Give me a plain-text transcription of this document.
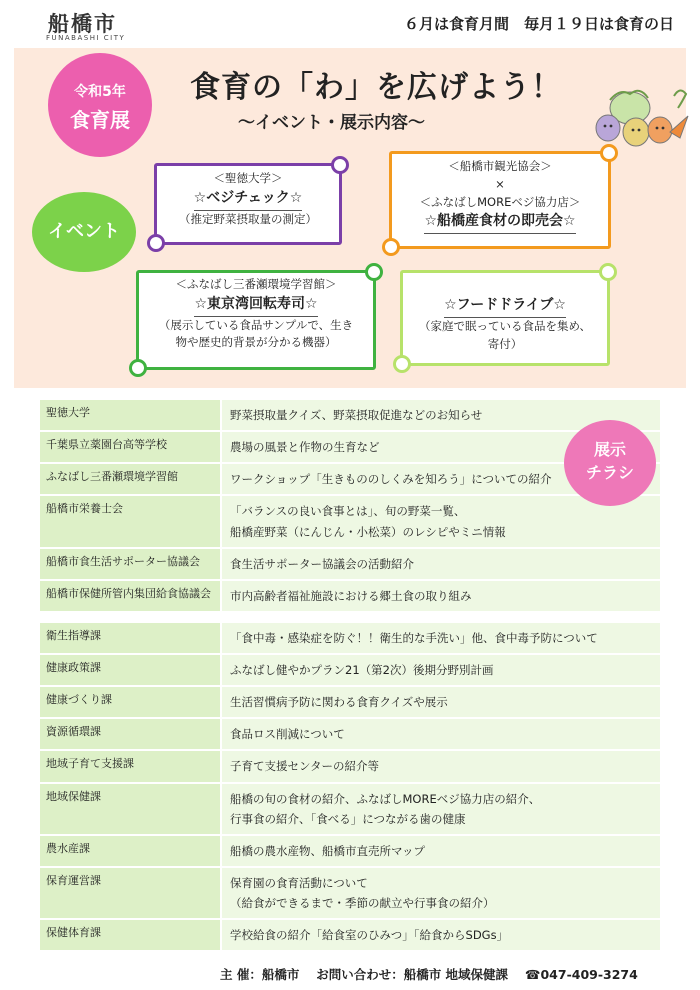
船橋市
FUNABASHI CITY
６月は食育月間　毎月１９日は食育の日
令和5年
食育展
食育の「わ」を広げよう！
～イベント・展示内容～
イベント
＜聖徳大学＞
☆ベジチェック☆
（推定野菜摂取量の測定）
＜船橋市観光協会＞
×
＜ふなばしMOREベジ協力店＞
☆船橋産食材の即売会☆
＜ふなばし三番瀬環境学習館＞
☆東京湾回転寿司☆
（展示している食品サンプルで、生き
物や歴史的背景が分かる機器）
☆フードドライブ☆
（家庭で眠っている食品を集め、
寄付）
聖徳大学	野菜摂取量クイズ、野菜摂取促進などのお知らせ
千葉県立薬園台高等学校	農場の風景と作物の生育など
ふなばし三番瀬環境学習館	ワークショップ「生きもののしくみを知ろう」についての紹介
船橋市栄養士会	「バランスの良い食事とは」、旬の野菜一覧、
船橋産野菜（にんじん・小松菜）のレシピやミニ情報
船橋市食生活サポーター協議会	食生活サポーター協議会の活動紹介
船橋市保健所管内集団給食協議会	市内高齢者福祉施設における郷土食の取り組み
衛生指導課	「食中毒・感染症を防ぐ！！衛生的な手洗い」他、食中毒予防について
健康政策課	ふなばし健やかプラン21（第2次）後期分野別計画
健康づくり課	生活習慣病予防に関わる食育クイズや展示
資源循環課	食品ロス削減について
地域子育て支援課	子育て支援センターの紹介等
地域保健課	船橋の旬の食材の紹介、ふなばしMOREベジ協力店の紹介、
行事食の紹介、「食べる」につながる歯の健康
農水産課	船橋の農水産物、船橋市直売所マップ
保育運営課	保育園の食育活動について
（給食ができるまで・季節の献立や行事食の紹介）
保健体育課	学校給食の紹介「給食室のひみつ」「給食からSDGs」
展示
チラシ
主 催：船橋市　 お問い合わせ：船橋市 地域保健課　 ☎047-409-3274
